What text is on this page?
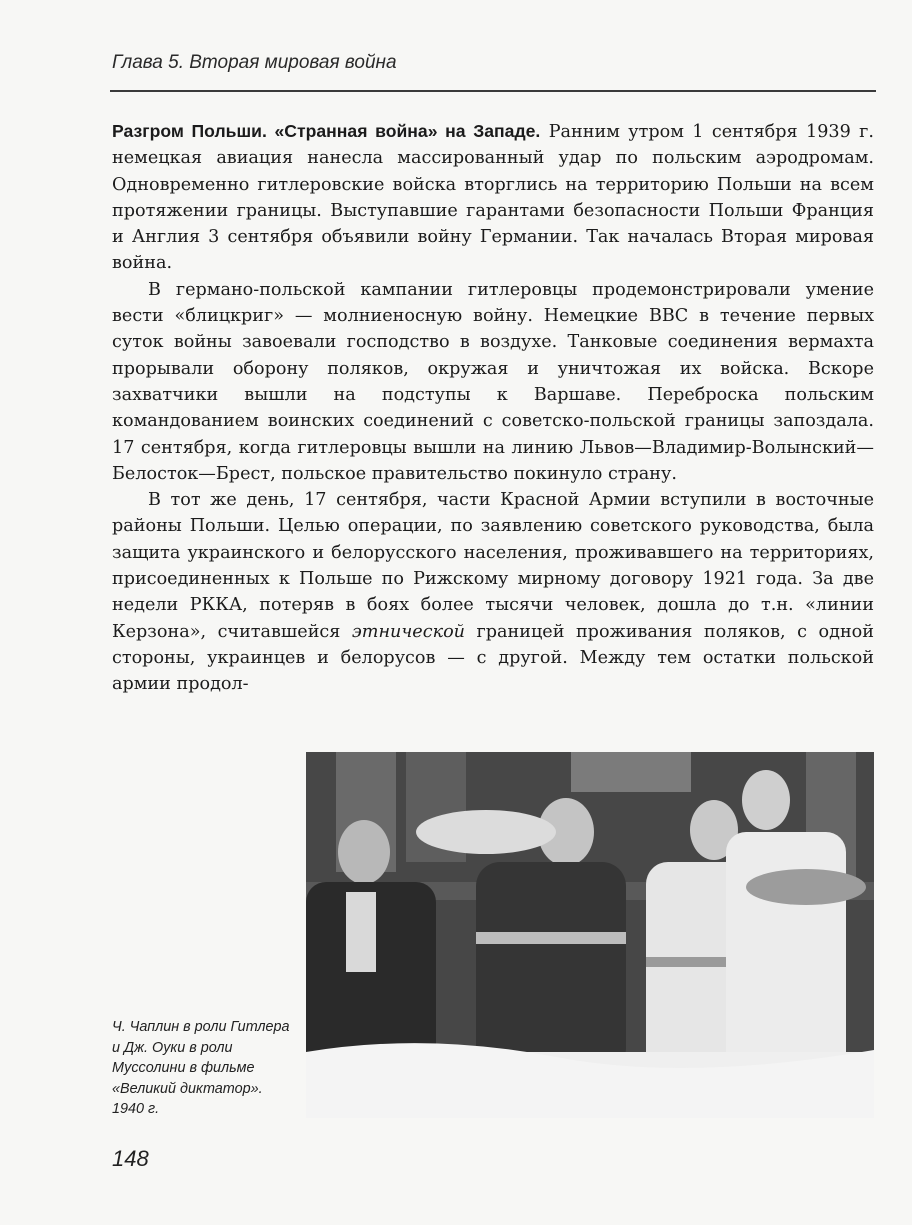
Глава 5. Вторая мировая война

Разгром Польши. «Странная война» на Западе. Ранним утром 1 сентября 1939 г. немецкая авиация нанесла массированный удар по польским аэродромам. Одновременно гитлеровские войска вторглись на территорию Польши на всем протяжении границы. Выступавшие гарантами безопасности Польши Франция и Англия 3 сентября объявили войну Германии. Так началась Вторая мировая война.

В германо-польской кампании гитлеровцы продемонстрировали умение вести «блицкриг» — молниеносную войну. Немецкие ВВС в течение первых суток войны завоевали господство в воздухе. Танковые соединения вермахта прорывали оборону поляков, окружая и уничтожая их войска. Вскоре захватчики вышли на подступы к Варшаве. Переброска польским командованием воинских соединений с советско-польской границы запоздала. 17 сентября, когда гитлеровцы вышли на линию Львов—Владимир-Волынский—Белосток—Брест, польское правительство покинуло страну.

В тот же день, 17 сентября, части Красной Армии вступили в восточные районы Польши. Целью операции, по заявлению советского руководства, была защита украинского и белорусского населения, проживавшего на территориях, присоединенных к Польше по Рижскому мирному договору 1921 года. За две недели РККА, потеряв в боях более тысячи человек, дошла до т.н. «линии Керзона», считавшейся этнической границей проживания поляков, с одной стороны, украинцев и белорусов — с другой. Между тем остатки польской армии продол-

Ч. Чаплин в роли Гитлера и Дж. Оуки в роли Муссолини в фильме «Великий диктатор». 1940 г.
148
